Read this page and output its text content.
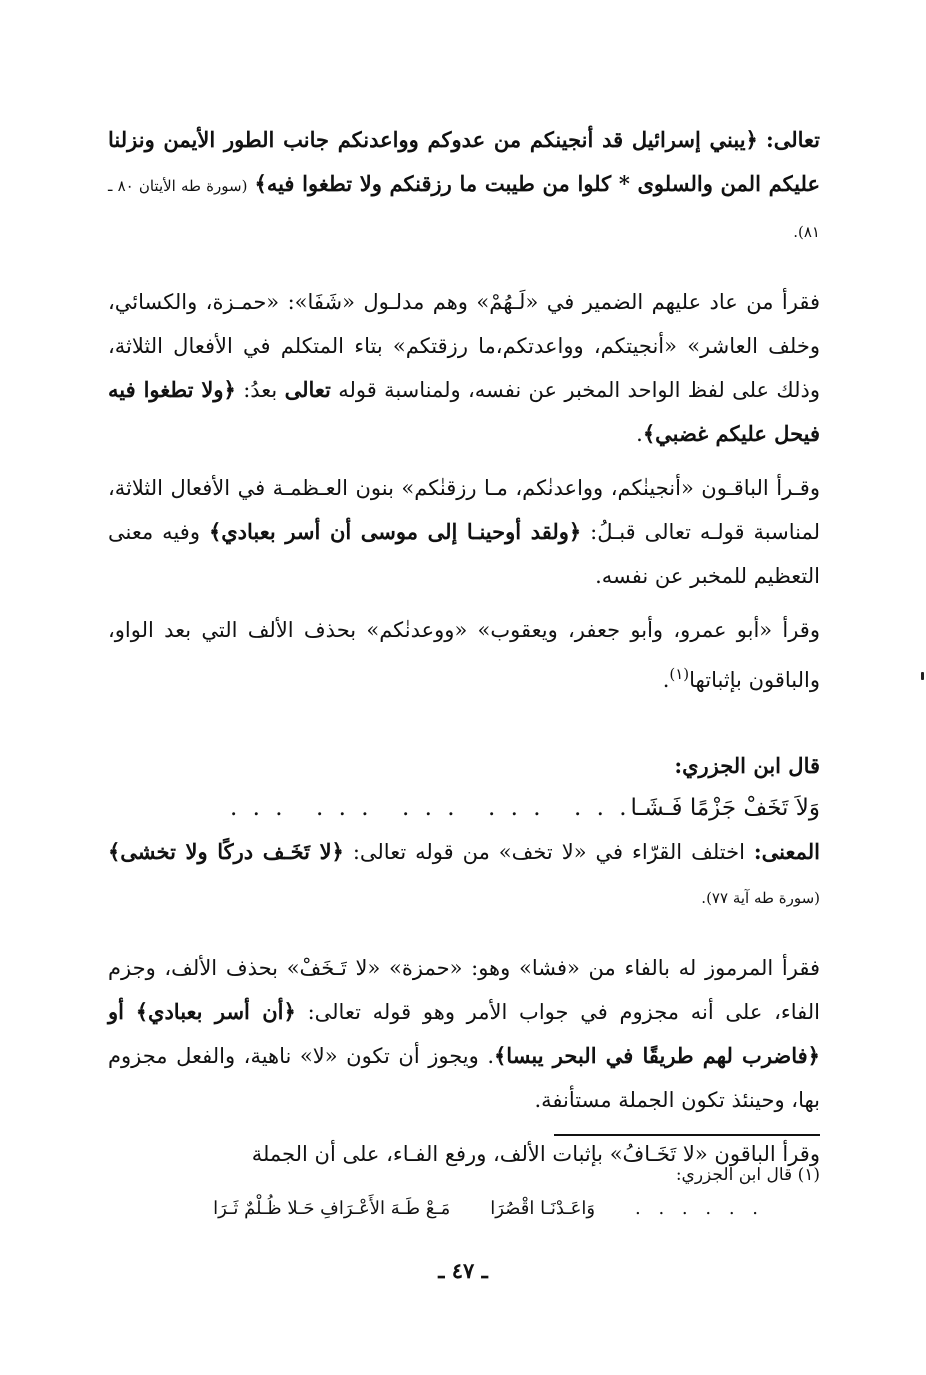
تعالى: ﴿يبني إسرائيل قد أنجينكم من عدوكم وواعدنكم جانب الطور الأيمن ونزلنا عليكم المن والسلوى * كلوا من طيبت ما رزقنكم ولا تطغوا فيه﴾ (سورة طه الأيتان ٨٠ ـ ٨١).

فقرأ من عاد عليهم الضمير في «لَـهُمْ» وهم مدلـول «شَفَا»: «حمـزة، والكسائي، وخلف العاشر» «أنجيتكم، وواعدتكم،ما رزقتكم» بتاء المتكلم في الأفعال الثلاثة، وذلك على لفظ الواحد المخبر عن نفسه، ولمناسبة قوله تعالى بعدُ: ﴿ولا تطغوا فيه فيحل عليكم غضبي﴾.

وقـرأ الباقـون «أنجينٰكم، وواعدنٰكم، مـا رزقنٰكم» بنون العـظمـة في الأفعال الثلاثة، لمناسبة قولـه تعالى قبـلُ: ﴿ولقد أوحينـا إلى موسى أن أسر بعبادي﴾ وفيه معنى التعظيم للمخبر عن نفسه.

وقرأ «أبو عمرو، وأبو جعفر، ويعقوب» «ووعدنٰكم» بحذف الألف التي بعد الواو، والباقون بإثباتها$^{(١)}$.

قال ابن الجزري:

وَلاَ تَخَفْ جَزْمًا فَـشَـا
. . .
. . .
. . .
. . .
. . .

المعنى: اختلف القرّاء في «لا تخف» من قوله تعالى: ﴿لا تَخَـف دركًا ولا تخشى﴾ (سورة طه آية ٧٧).

فقرأ المرموز له بالفاء من «فشا» وهو: «حمزة» «لا تَـخَفْ» بحذف الألف، وجزم الفاء، على أنه مجزوم في جواب الأمر وهو قوله تعالى: ﴿أن أسر بعبادي﴾ أو ﴿فاضرب لهم طريقًا في البحر يبسا﴾. ويجوز أن تكون «لا» ناهية، والفعل مجزوم بها، وحينئذ تكون الجملة مستأنفة.

وقرأ الباقون «لا تَخَـافُ» بإثبات الألف، ورفع الفـاء، على أن الجملة

(١) قال ابن الجزري:
. . . . . .
وَاعَـدْنَـا اقْصُرَا
مَـعْ طَـهَ الأَعْـرَافِ حَـلا ظُـلْمٌ ثَـرَا
ـ ٤٧ ـ
